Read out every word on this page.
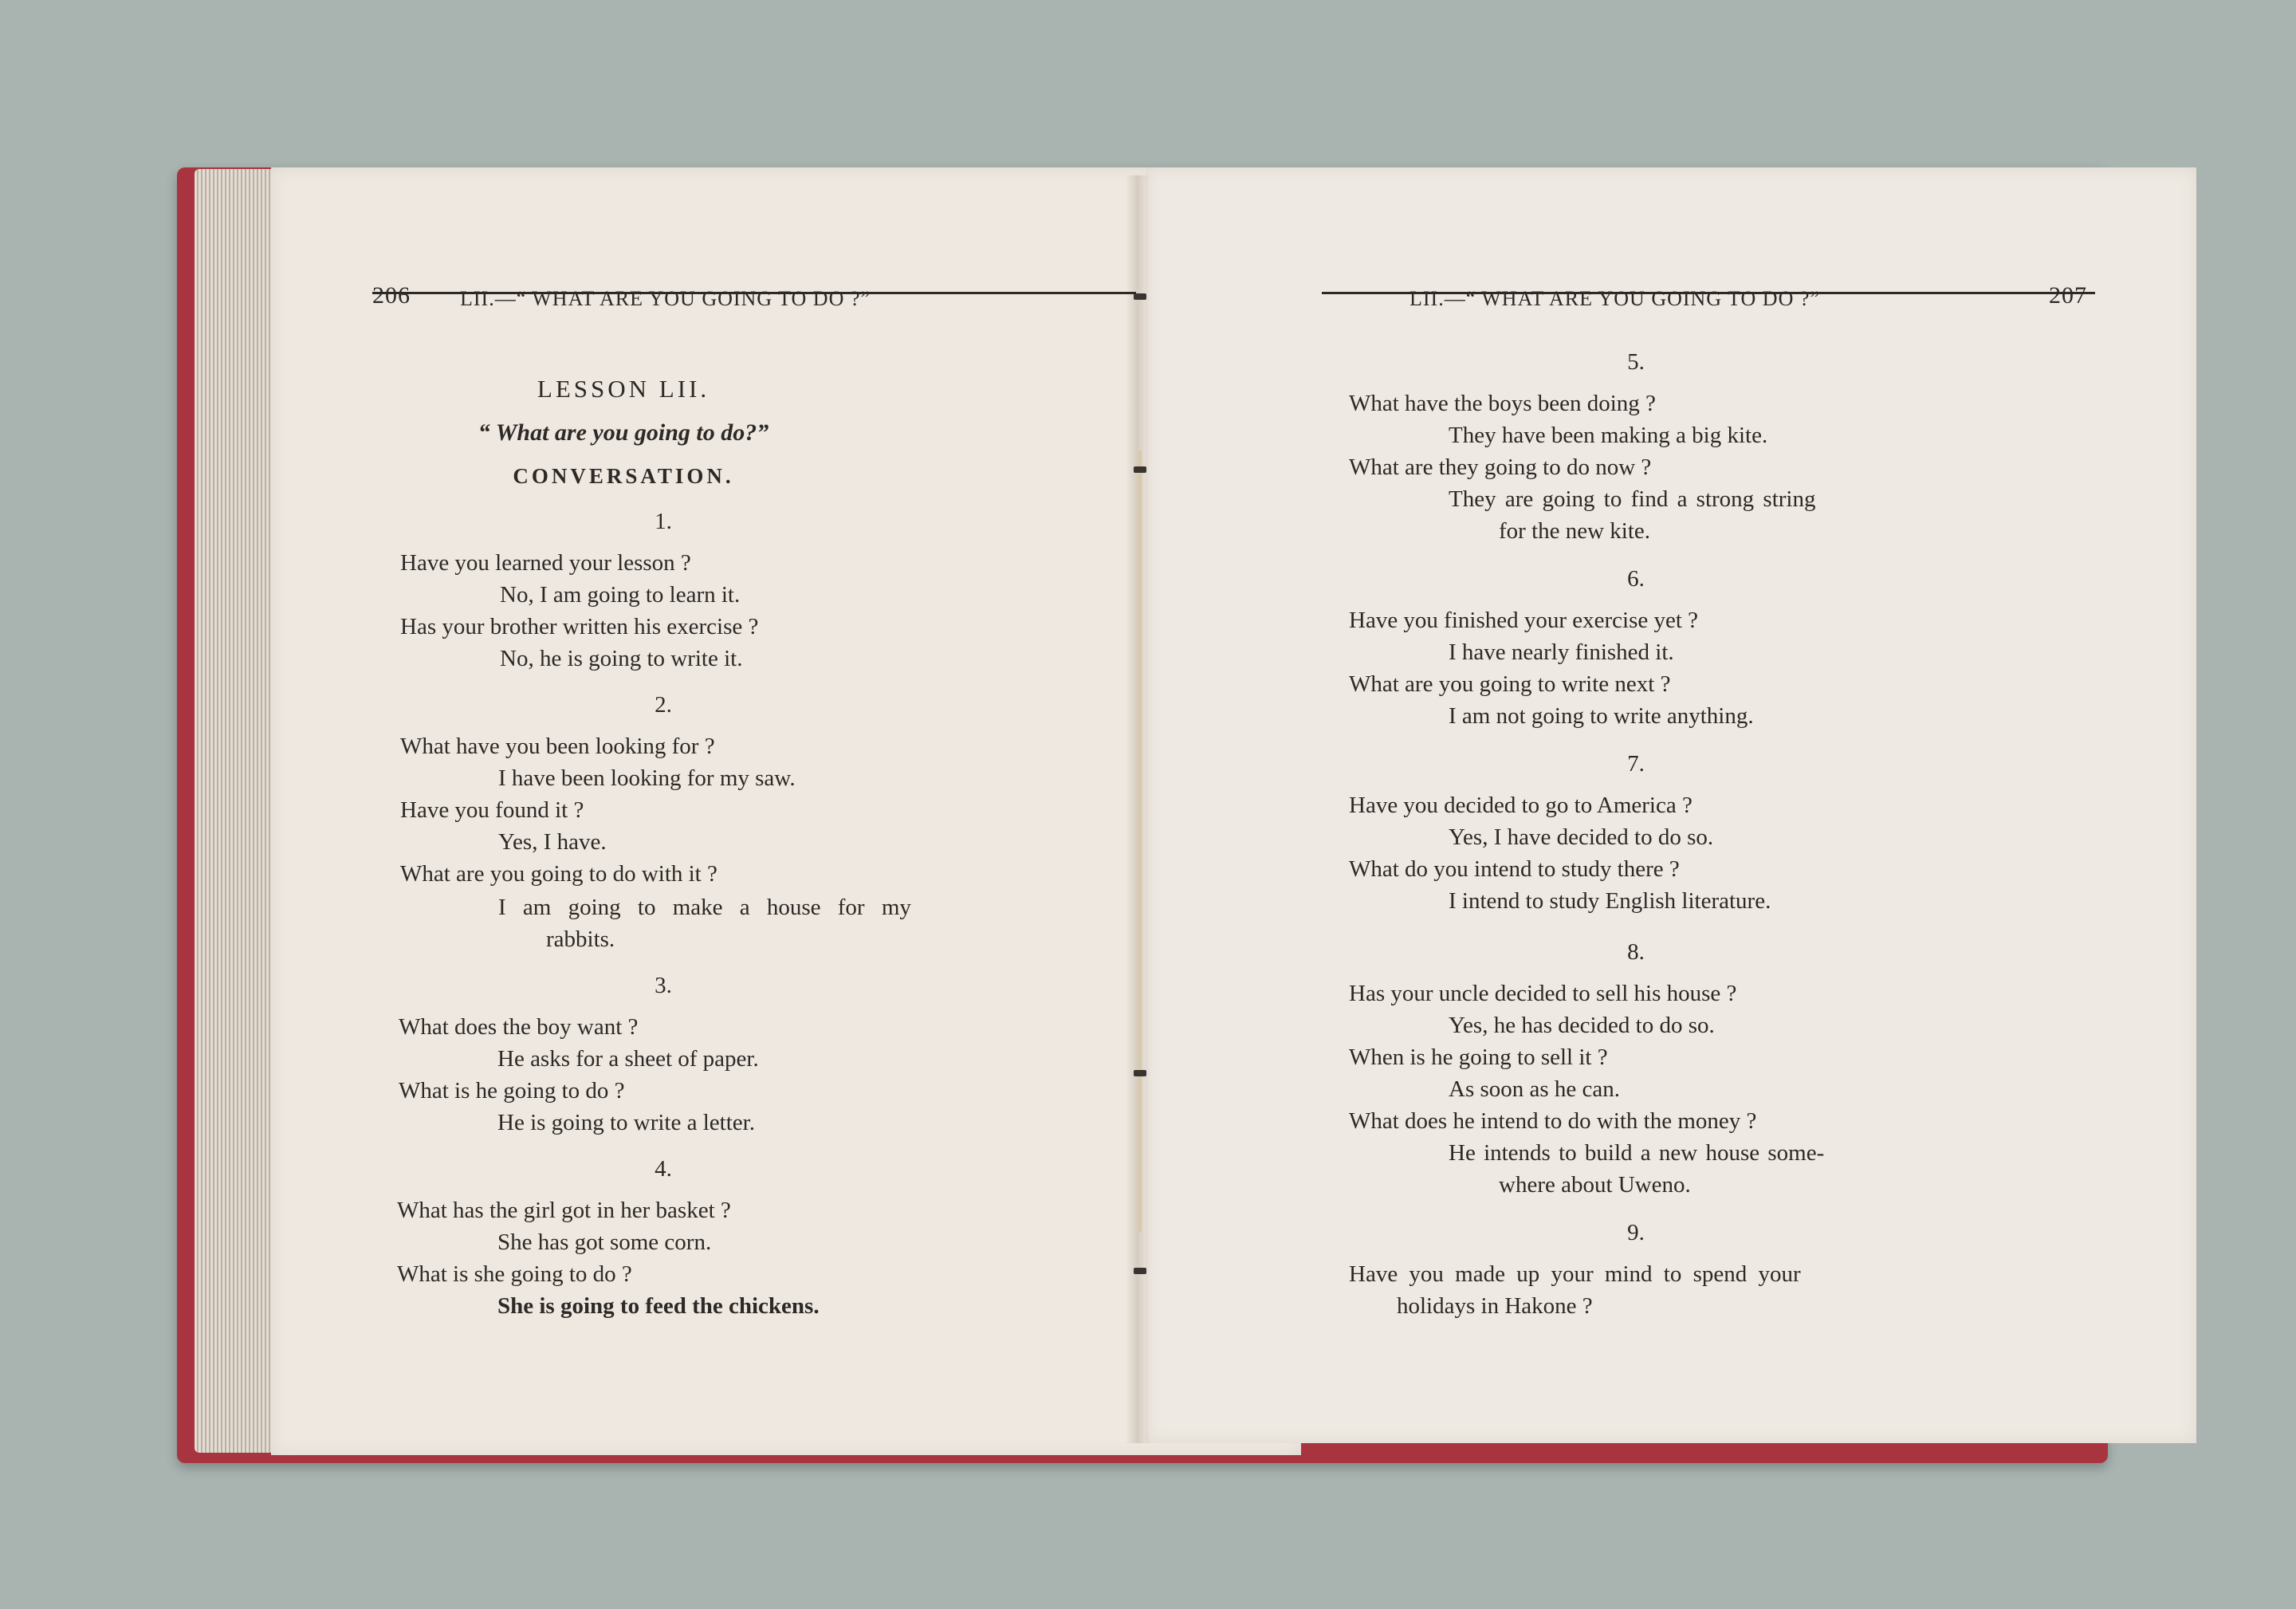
206 LII.—“ WHAT ARE YOU GOING TO DO ?”
LESSON LII.
“ What are you going to do?”
CONVERSATION.
1.
Have you learned your lesson ?
No, I am going to learn it.
Has your brother written his exercise ?
No, he is going to write it.
2.
What have you been looking for ?
I have been looking for my saw.
Have you found it ?
Yes, I have.
What are you going to do with it ?
I am going to make a house for my
rabbits.
3.
What does the boy want ?
He asks for a sheet of paper.
What is he going to do ?
He is going to write a letter.
4.
What has the girl got in her basket ?
She has got some corn.
What is she going to do ?
She is going to feed the chickens.
LII.—“ WHAT ARE YOU GOING TO DO ?”	207
5.
What have the boys been doing ?
They have been making a big kite.
What are they going to do now ?
They are going to find a strong string
for the new kite.
6.
Have you finished your exercise yet ?
I have nearly finished it.
What are you going to write next ?
I am not going to write anything.
7.
Have you decided to go to America ?
Yes, I have decided to do so.
What do you intend to study there ?
I intend to study English literature.
8.
Has your uncle decided to sell his house ?
Yes, he has decided to do so.
When is he going to sell it ?
As soon as he can.
What does he intend to do with the money ?
He intends to build a new house some-
where about Uweno.
9.
Have you made up your mind to spend your
holidays in Hakone ?
